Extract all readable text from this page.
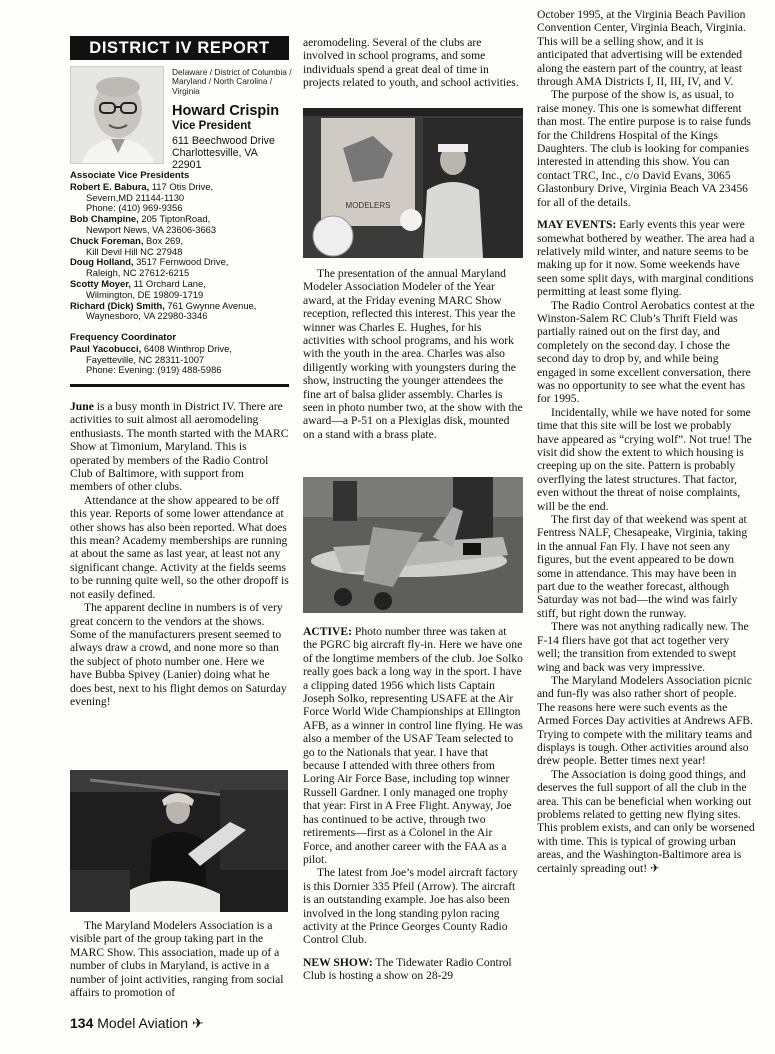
DISTRICT IV REPORT
Delaware / District of Columbia / Maryland / North Carolina / Virginia
Howard Crispin
Vice President
611 Beechwood Drive
Charlottesville, VA
22901
Associate Vice Presidents
Robert E. Babura, 117 Otis Drive,
Severn,MD 21144-1130
Phone: (410) 969-9356
Bob Champine, 205 TiptonRoad,
Newport News, VA 23606-3663
Chuck Foreman, Box 269,
Kill Devil Hill NC 27948
Doug Holland, 3517 Fernwood Drive,
Raleigh, NC 27612-6215
Scotty Moyer, 11 Orchard Lane,
Wilmington, DE 19809-1719
Richard (Dick) Smith, 761 Gwynne Avenue,
Waynesboro, VA 22980-3346
Frequency Coordinator
Paul Yacobucci, 6408 Winthrop Drive,
Fayetteville, NC 28311-1007
Phone: Evening: (919) 488-5986

June is a busy month in District IV. There are activities to suit almost all aeromodeling enthusiasts. The month started with the MARC Show at Timonium, Maryland. This is operated by members of the Radio Control Club of Baltimore, with support from members of other clubs.

Attendance at the show appeared to be off this year. Reports of some lower attendance at other shows has also been reported. What does this mean? Academy memberships are running at about the same as last year, at least not any significant change. Activity at the fields seems to be running quite well, so the other dropoff is not easily defined.

The apparent decline in numbers is of very great concern to the vendors at the shows. Some of the manufacturers present seemed to always draw a crowd, and none more so than the subject of photo number one. Here we have Bubba Spivey (Lanier) doing what he does best, next to his flight demos on Saturday evening!

The Maryland Modelers Association is a visible part of the group taking part in the MARC Show. This association, made up of a number of clubs in Maryland, is active in a number of joint activities, ranging from social affairs to promotion of

aeromodeling. Several of the clubs are involved in school programs, and some individuals spend a great deal of time in projects related to youth, and school activities.

MODELERS

The presentation of the annual Maryland Modeler Association Modeler of the Year award, at the Friday evening MARC Show reception, reflected this interest. This year the winner was Charles E. Hughes, for his activities with school programs, and his work with the youth in the area. Charles was also diligently working with youngsters during the show, instructing the younger attendees the fine art of balsa glider assembly. Charles is seen in photo number two, at the show with the award—a P-51 on a Plexiglas disk, mounted on a stand with a brass plate.

ACTIVE: Photo number three was taken at the PGRC big aircraft fly-in. Here we have one of the longtime members of the club. Joe Solko really goes back a long way in the sport. I have a clipping dated 1956 which lists Captain Joseph Solko, representing USAFE at the Air Force World Wide Championships at Ellington AFB, as a winner in control line flying. He was also a member of the USAF Team selected to go to the Nationals that year. I have that because I attended with three others from Loring Air Force Base, including top winner Russell Gardner. I only managed one trophy that year: First in A Free Flight. Anyway, Joe has continued to be active, through two retirements—first as a Colonel in the Air Force, and another career with the FAA as a pilot.

The latest from Joe’s model aircraft factory is this Dornier 335 Pfeil (Arrow). The aircraft is an outstanding example. Joe has also been involved in the long standing pylon racing activity at the Prince Georges County Radio Control Club.

NEW SHOW: The Tidewater Radio Control Club is hosting a show on 28-29

October 1995, at the Virginia Beach Pavilion Convention Center, Virginia Beach, Virginia. This will be a selling show, and it is anticipated that advertising will be extended along the eastern part of the country, at least through AMA Districts I, II, III, IV, and V.

The purpose of the show is, as usual, to raise money. This one is somewhat different than most. The entire purpose is to raise funds for the Childrens Hospital of the Kings Daughters. The club is looking for companies interested in attending this show. You can contact TRC, Inc., c/o David Evans, 3065 Glastonbury Drive, Virginia Beach VA 23456 for all of the details.

MAY EVENTS: Early events this year were somewhat bothered by weather. The area had a relatively mild winter, and nature seems to be making up for it now. Some weekends have seen some split days, with marginal conditions permitting at least some flying.

The Radio Control Aerobatics contest at the Winston-Salem RC Club’s Thrift Field was partially rained out on the first day, and completely on the second day. I chose the second day to drop by, and while being engaged in some excellent conversation, there was no opportunity to see what the event has for 1995.

Incidentally, while we have noted for some time that this site will be lost we probably have appeared as “crying wolf”. Not true! The visit did show the extent to which housing is creeping up on the site. Pattern is probably overflying the latest structures. That factor, even without the threat of noise complaints, will be the end.

The first day of that weekend was spent at Fentress NALF, Chesapeake, Virginia, taking in the annual Fan Fly. I have not seen any figures, but the event appeared to be down some in attendance. This may have been in part due to the weather forecast, although Saturday was not bad—the wind was fairly stiff, but right down the runway.

There was not anything radically new. The F-14 fliers have got that act together very well; the transition from extended to swept wing and back was very impressive.

The Maryland Modelers Association picnic and fun-fly was also rather short of people. The reasons here were such events as the Armed Forces Day activities at Andrews AFB. Trying to compete with the military teams and displays is tough. Other activities around also drew people. Better times next year!

The Association is doing good things, and deserves the full support of all the club in the area. This can be beneficial when working out problems related to getting new flying sites. This problem exists, and can only be worsened with time. This is typical of growing urban areas, and the Washington-Baltimore area is certainly spreading out! ✈

134 Model Aviation ✈
